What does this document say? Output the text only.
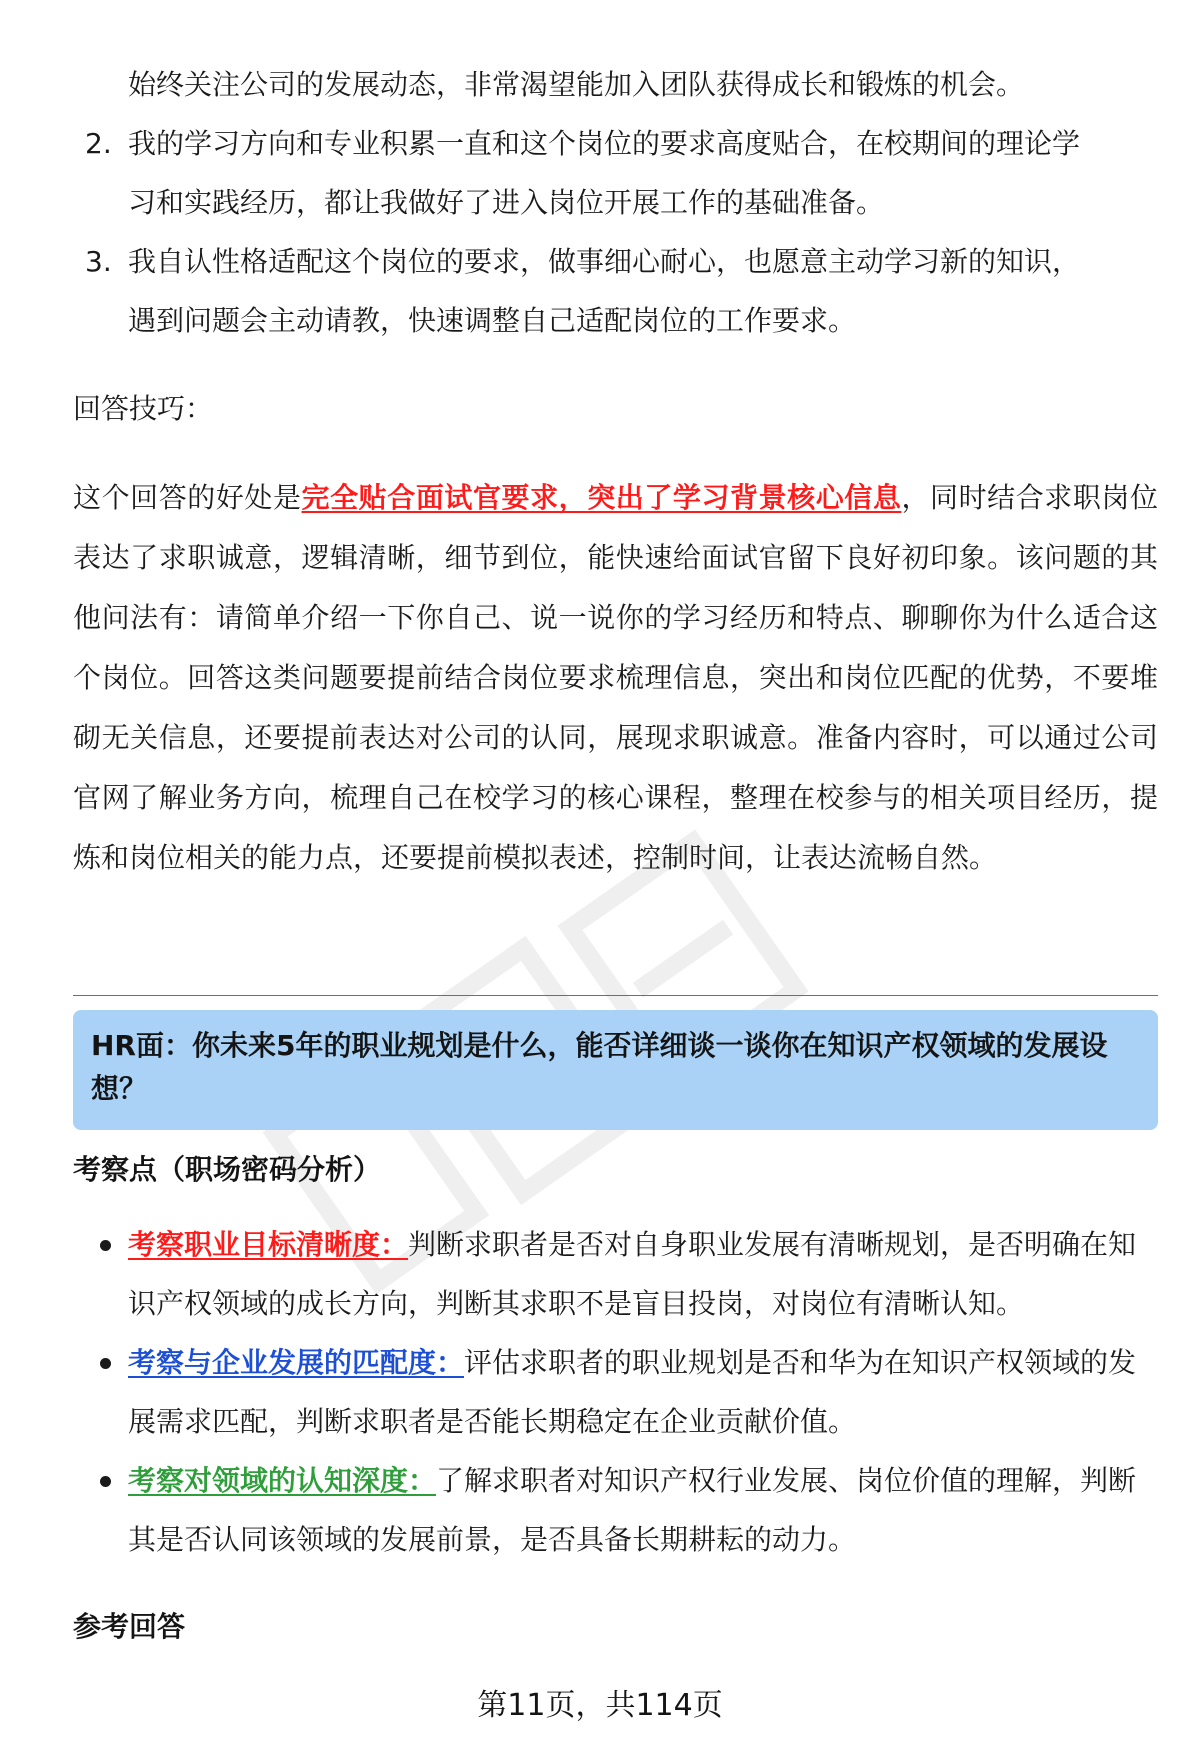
始终关注公司的发展动态，非常渴望能加入团队获得成长和锻炼的机会。
2. 我的学习方向和专业积累一直和这个岗位的要求高度贴合，在校期间的理论学
习和实践经历，都让我做好了进入岗位开展工作的基础准备。
3. 我自认性格适配这个岗位的要求，做事细心耐心，也愿意主动学习新的知识，
遇到问题会主动请教，快速调整自己适配岗位的工作要求。
回答技巧：
这个回答的好处是完全贴合面试官要求，突出了学习背景核心信息，同时结合求职岗位表达了求职诚意，逻辑清晰，细节到位，能快速给面试官留下良好初印象。该问题的其他问法有：请简单介绍一下你自己、说一说你的学习经历和特点、聊聊你为什么适合这个岗位。回答这类问题要提前结合岗位要求梳理信息，突出和岗位匹配的优势，不要堆砌无关信息，还要提前表达对公司的认同，展现求职诚意。准备内容时，可以通过公司官网了解业务方向，梳理自己在校学习的核心课程，整理在校参与的相关项目经历，提炼和岗位相关的能力点，还要提前模拟表述，控制时间，让表达流畅自然。
HR面：你未来5年的职业规划是什么，能否详细谈一谈你在知识产权领域的发展设想？
考察点（职场密码分析）
考察职业目标清晰度：判断求职者是否对自身职业发展有清晰规划，是否明确在知识产权领域的成长方向，判断其求职不是盲目投岗，对岗位有清晰认知。
考察与企业发展的匹配度：评估求职者的职业规划是否和华为在知识产权领域的发展需求匹配，判断求职者是否能长期稳定在企业贡献价值。
考察对领域的认知深度：了解求职者对知识产权行业发展、岗位价值的理解，判断其是否认同该领域的发展前景，是否具备长期耕耘的动力。
参考回答
第11页，共114页
